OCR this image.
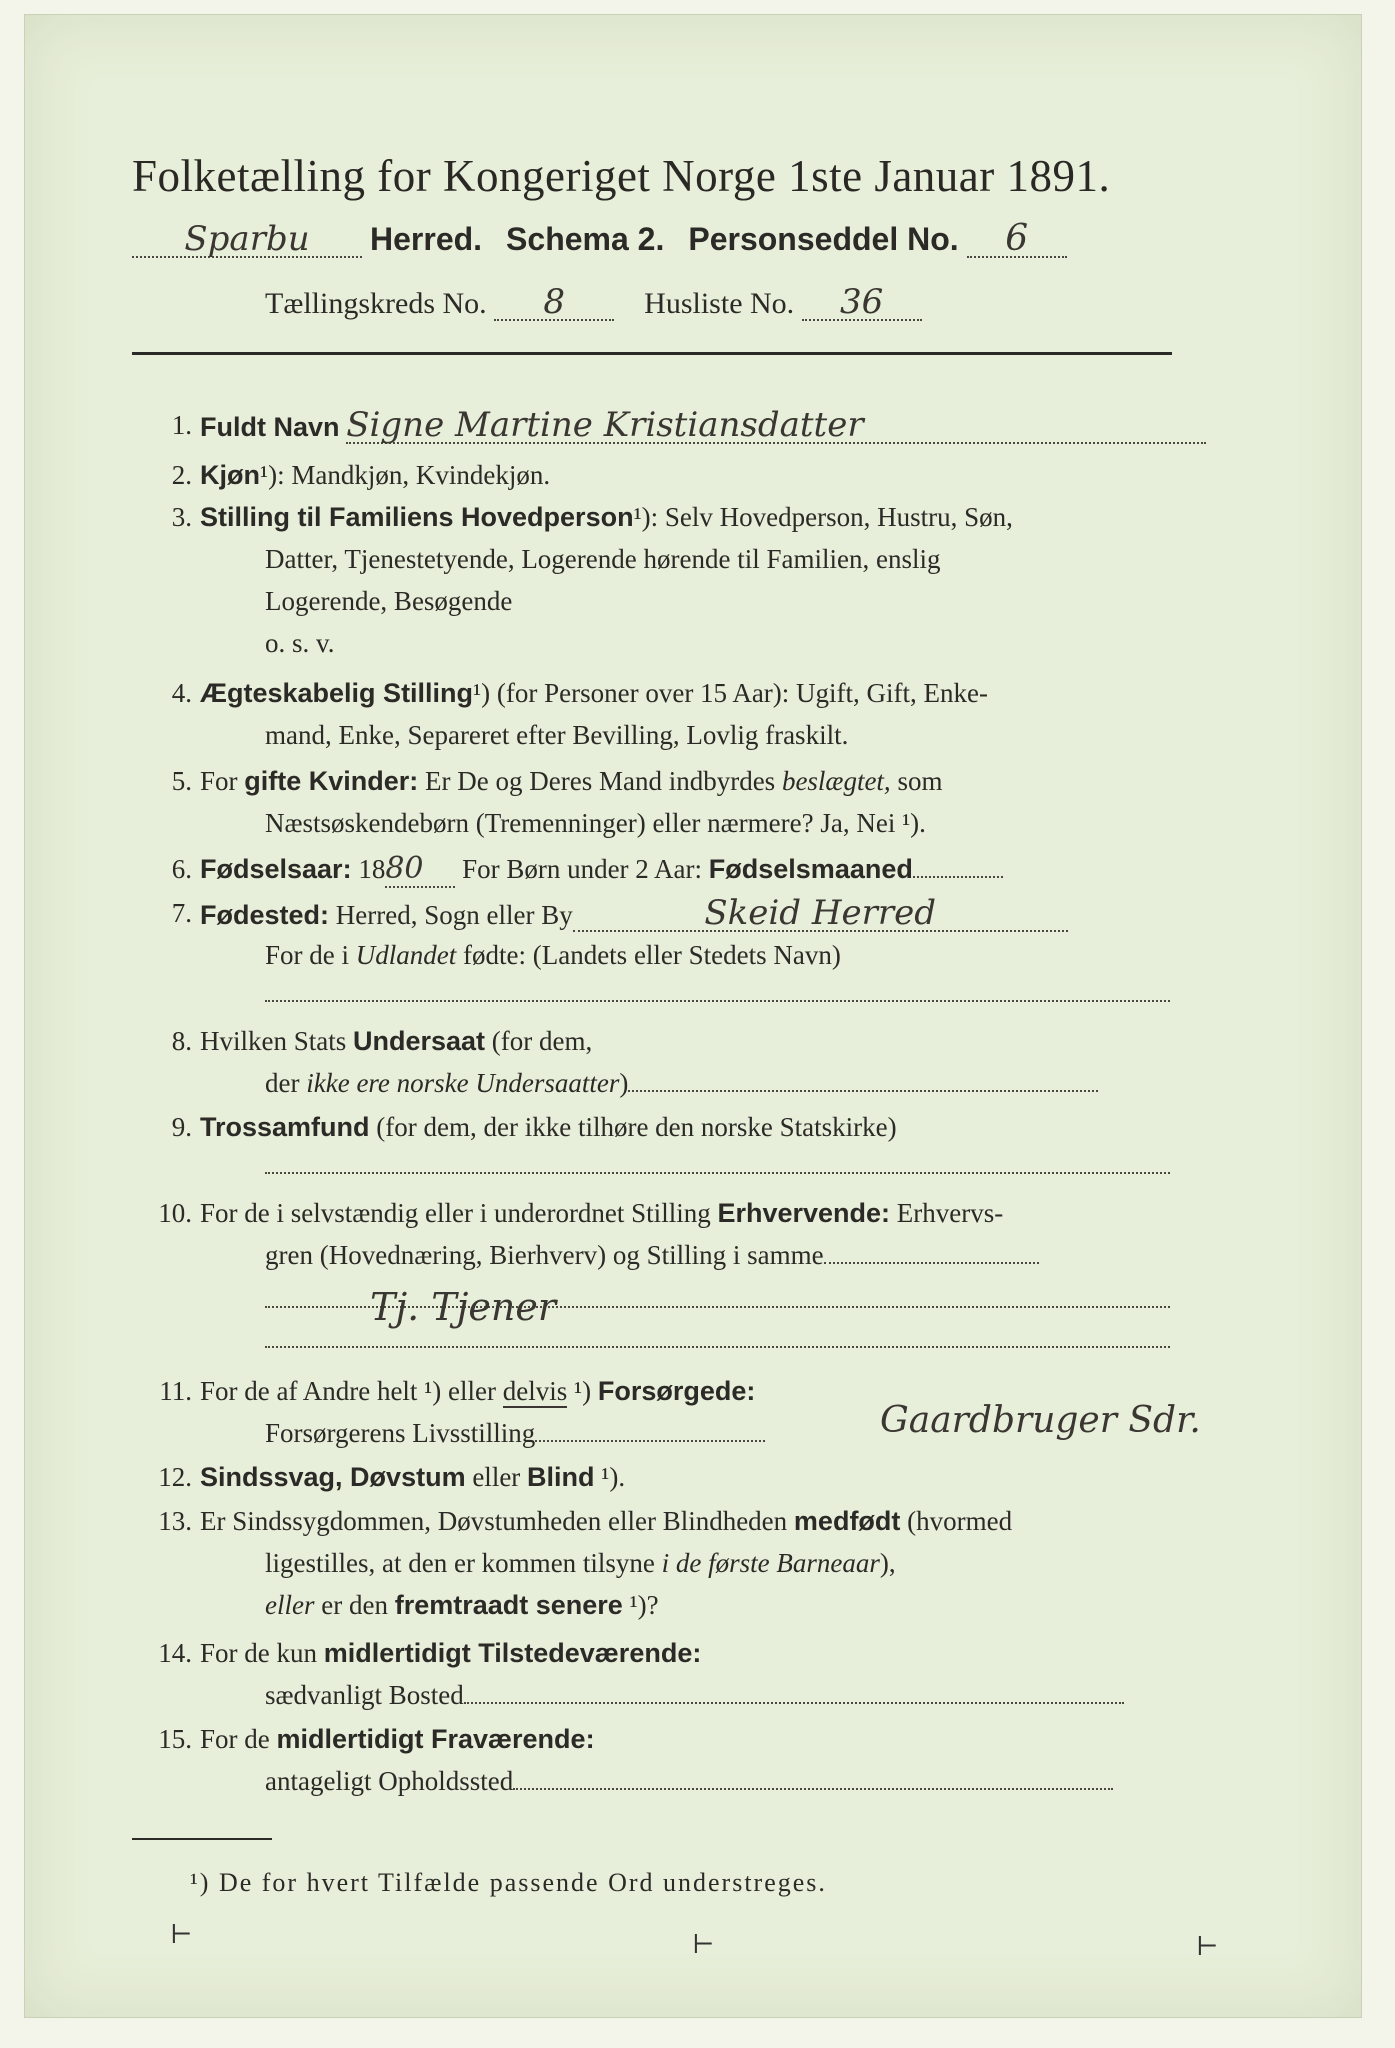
Folketælling for Kongeriget Norge 1ste Januar 1891.
Sparbu Herred. Schema 2. Personseddel No. 6
Tællingskreds No. 8	Husliste No. 36
1. Fuldt Navn Signe Martine Kristiansdatter
2. Kjøn¹): Mandkjøn, Kvindekjøn.
3. Stilling til Familiens Hovedperson¹): Selv Hovedperson, Hustru, Søn,
Datter, Tjenestetyende, Logerende hørende til Familien, enslig
Logerende, Besøgende
o. s. v.
4. Ægteskabelig Stilling¹) (for Personer over 15 Aar): Ugift, Gift, Enke-
mand, Enke, Separeret efter Bevilling, Lovlig fraskilt.
5. For gifte Kvinder: Er De og Deres Mand indbyrdes beslægtet, som
Næstsøskendebørn (Tremenninger) eller nærmere? Ja, Nei ¹).
6. Fødselsaar: 1880 For Børn under 2 Aar: Fødselsmaaned
7. Fødested: Herred, Sogn eller By	Skeid Herred
For de i Udlandet fødte: (Landets eller Stedets Navn)
8. Hvilken Stats Undersaat (for dem,
der ikke ere norske Undersaatter)
9. Trossamfund (for dem, der ikke tilhøre den norske Statskirke)
10. For de i selvstændig eller i underordnet Stilling Erhvervende: Erhvervs-
gren (Hovednæring, Bierhverv) og Stilling i samme
Tj. Tjener
11. For de af Andre helt ¹) eller delvis ¹) Forsørgede:
Forsørgerens Livsstilling	Gaardbruger Sdr.
12. Sindssvag, Døvstum eller Blind ¹).
13. Er Sindssygdommen, Døvstumheden eller Blindheden medfødt (hvormed
ligestilles, at den er kommen tilsyne i de første Barneaar),
eller er den fremtraadt senere ¹)?
14. For de kun midlertidigt Tilstedeværende:
sædvanligt Bosted
15. For de midlertidigt Fraværende:
antageligt Opholdssted
¹) De for hvert Tilfælde passende Ord understreges.
⊢	⊢	⊢
